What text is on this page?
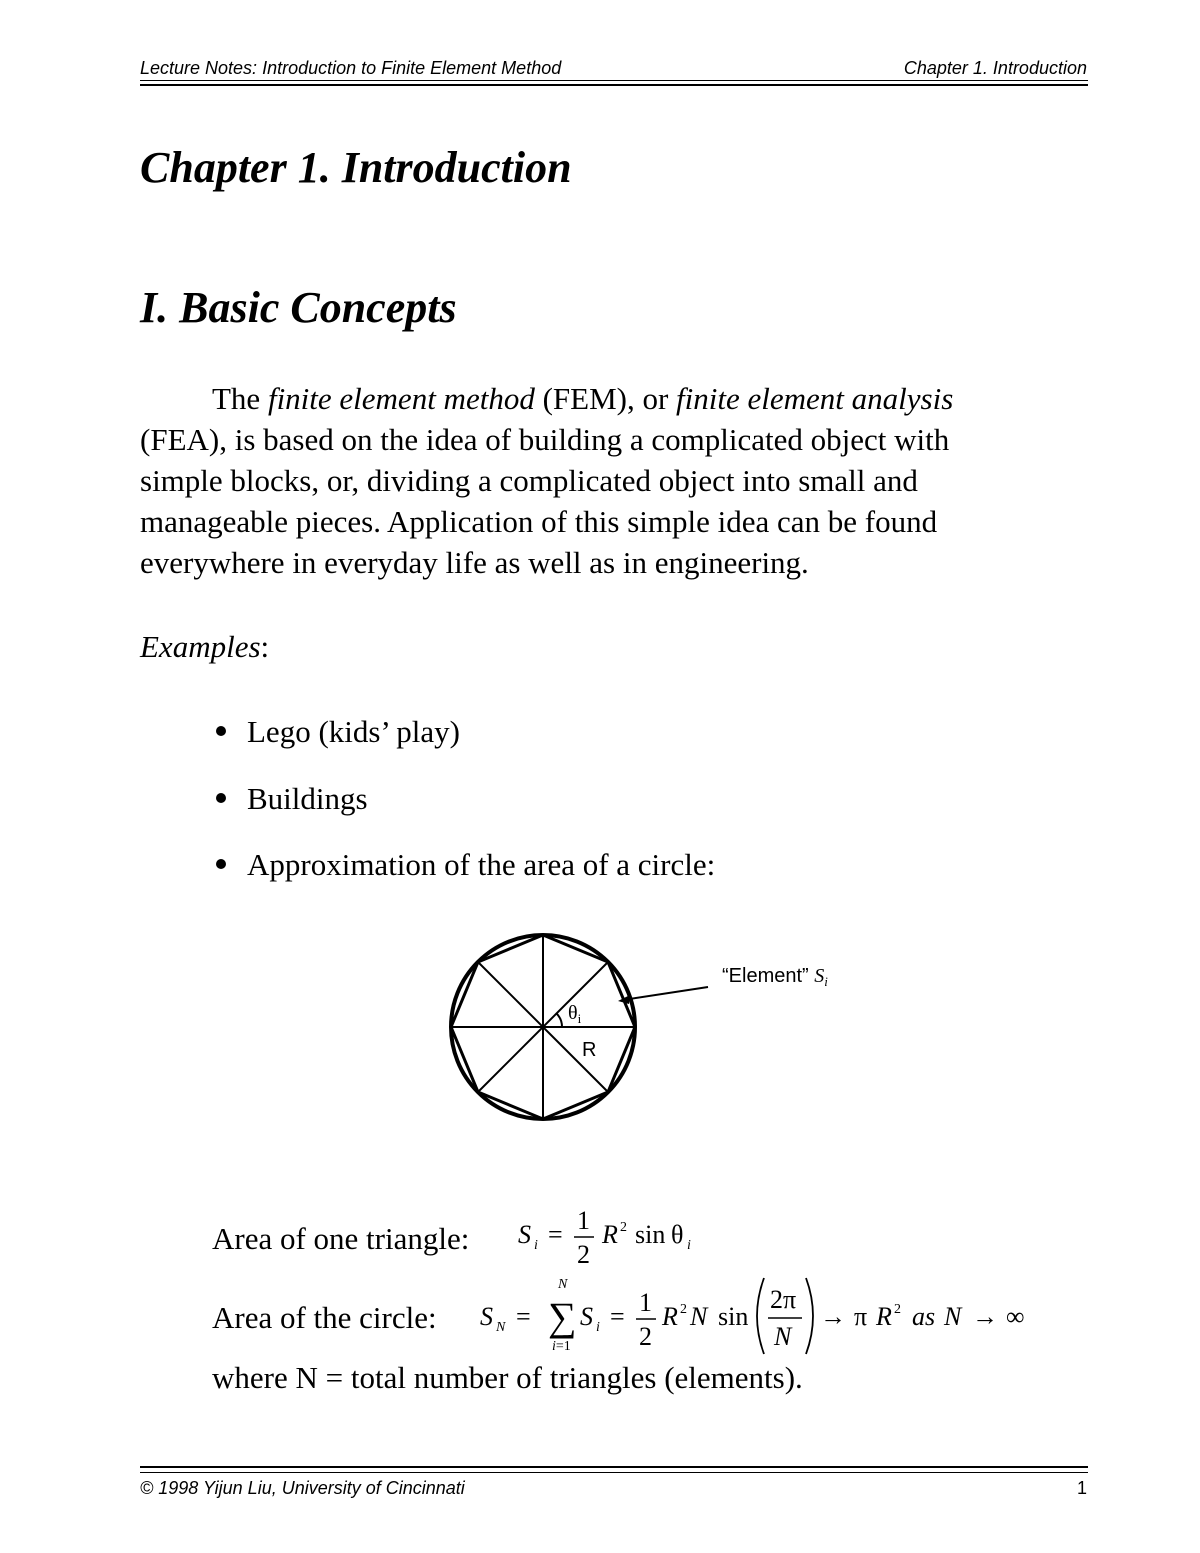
Lecture Notes: Introduction to Finite Element Method	Chapter 1. Introduction
Chapter 1. Introduction
I. Basic Concepts
The finite element method (FEM), or finite element analysis
(FEA), is based on the idea of building a complicated object with
simple blocks, or, dividing a complicated object into small and
manageable pieces. Application of this simple idea can be found
everywhere in everyday life as well as in engineering.
Examples:
Lego (kids’ play)
Buildings
Approximation of the area of a circle:
$\theta_i$
R
“Element” $S_i$
Area of one triangle: S i = 1
2
R 2 sin θ i
Area of the circle: S N =
N
∑
i=1
S i = 1
2
R 2 N sin
2π
N
→ π R 2 as N → ∞
where N = total number of triangles (elements).
© 1998 Yijun Liu, University of Cincinnati	1
